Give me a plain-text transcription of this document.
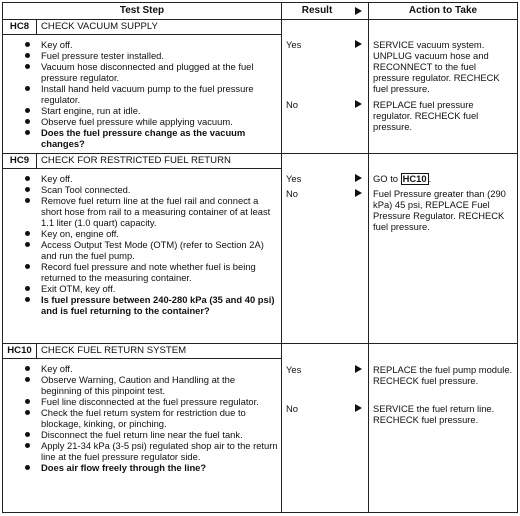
Test Step	Result	Action to Take
HC8	CHECK VACUUM SUPPLY
Key off.
Fuel pressure tester installed.
Vacuum hose disconnected and plugged at the fuel pressure regulator.
Install hand held vacuum pump to the fuel pressure regulator.
Start engine, run at idle.
Observe fuel pressure while applying vacuum.
Does the fuel pressure change as the vacuum changes?
Yes	SERVICE vacuum system. UNPLUG vacuum hose and RECONNECT to the fuel pressure regulator. RECHECK fuel pressure.
No	REPLACE fuel pressure regulator. RECHECK fuel pressure.
HC9	CHECK FOR RESTRICTED FUEL RETURN
Key off.
Scan Tool connected.
Remove fuel return line at the fuel rail and connect a short hose from rail to a measuring container of at least 1.1 liter (1.0 quart) capacity.
Key on, engine off.
Access Output Test Mode (OTM) (refer to Section 2A) and run the fuel pump.
Record fuel pressure and note whether fuel is being returned to the measuring container.
Exit OTM, key off.
Is fuel pressure between 240-280 kPa (35 and 40 psi) and is fuel returning to the container?
Yes	GO to HC10 .
No	Fuel Pressure greater than (290 kPa) 45 psi, REPLACE Fuel Pressure Regulator. RECHECK fuel pressure.
HC10 CHECK FUEL RETURN SYSTEM
Key off.
Observe Warning, Caution and Handling at the beginning of this pinpoint test.
Fuel line disconnected at the fuel pressure regulator.
Check the fuel return system for restriction due to blockage, kinking, or pinching.
Disconnect the fuel return line near the fuel tank.
Apply 21-34 kPa (3-5 psi) regulated shop air to the return line at the fuel pressure regulator side.
Does air flow freely through the line?
Yes	REPLACE the fuel pump module. RECHECK fuel pressure.
No	SERVICE the fuel return line. RECHECK fuel pressure.
